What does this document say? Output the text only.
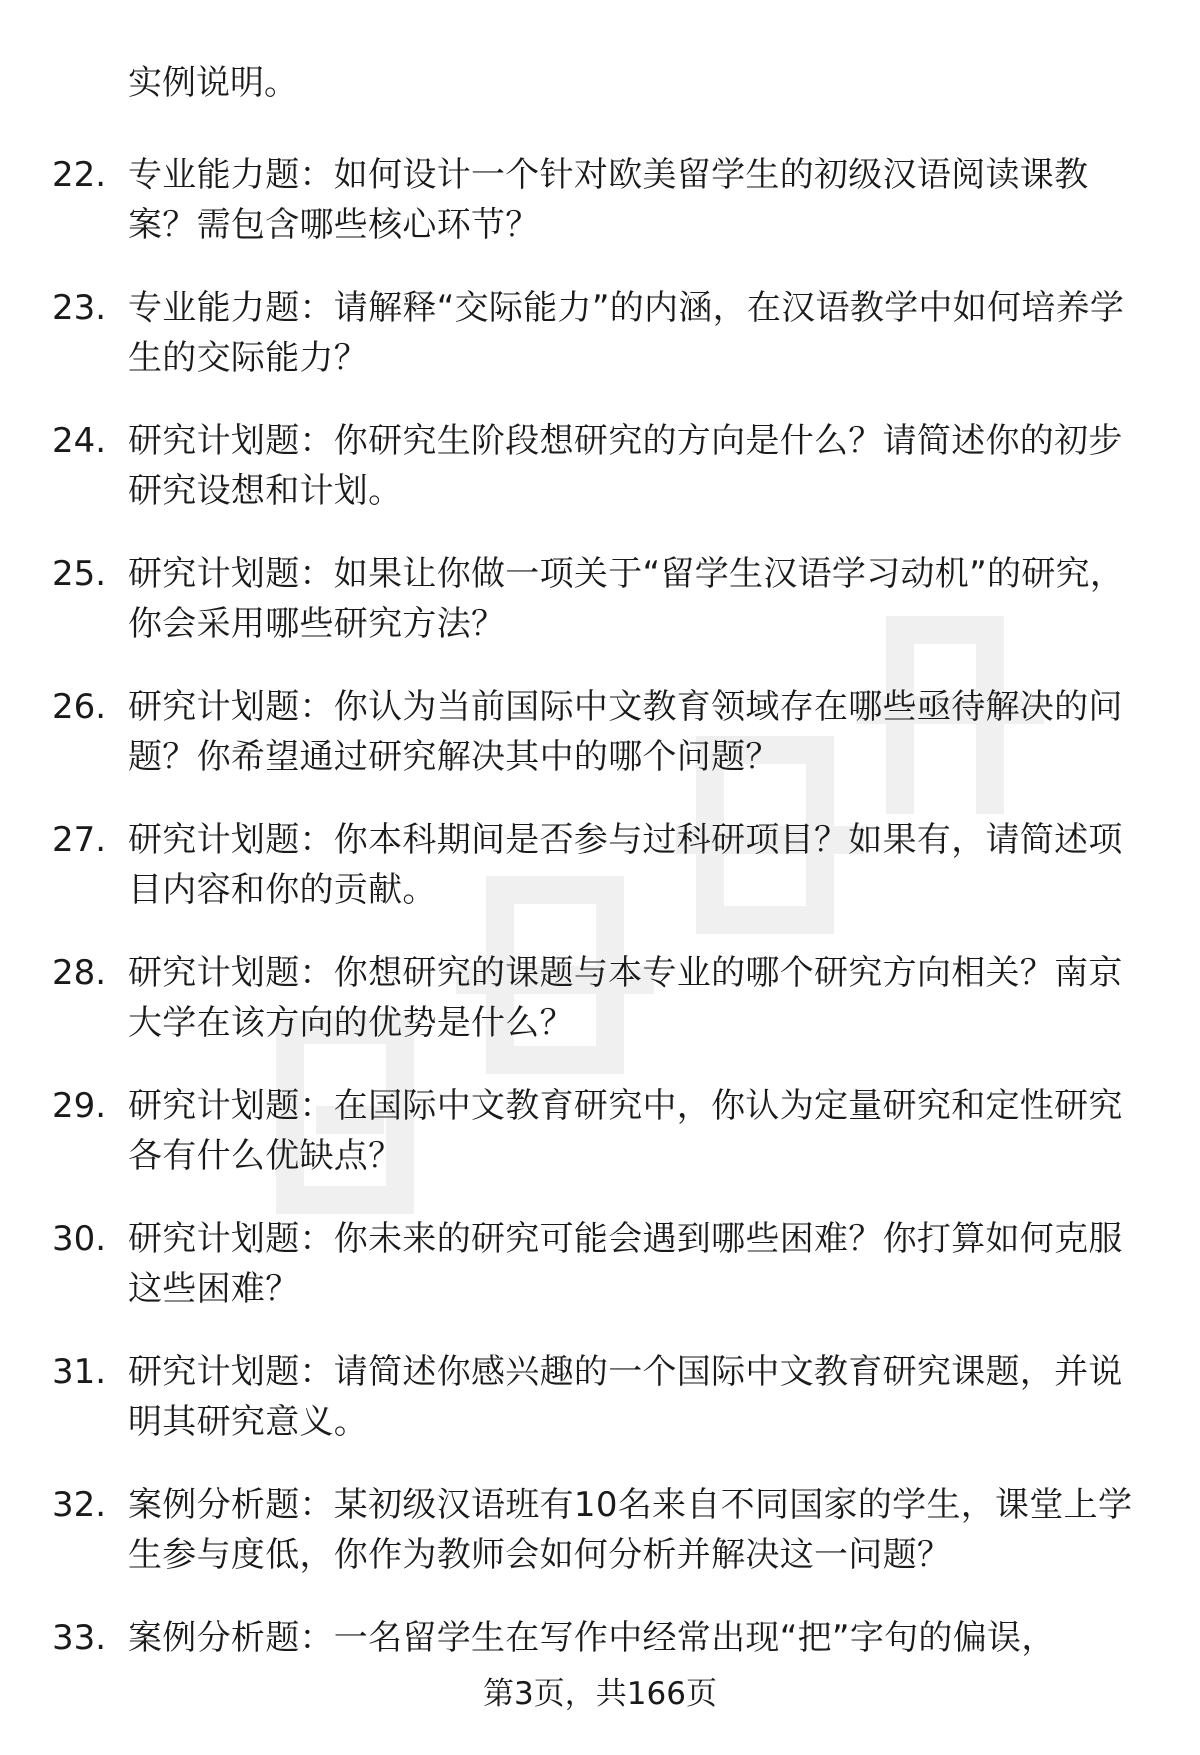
实例说明。
22. 专业能力题：如何设计一个针对欧美留学生的初级汉语阅读课教案？需包含哪些核心环节？
23. 专业能力题：请解释“交际能力”的内涵，在汉语教学中如何培养学生的交际能力？
24. 研究计划题：你研究生阶段想研究的方向是什么？请简述你的初步研究设想和计划。
25. 研究计划题：如果让你做一项关于“留学生汉语学习动机”的研究，你会采用哪些研究方法？
26. 研究计划题：你认为当前国际中文教育领域存在哪些亟待解决的问题？你希望通过研究解决其中的哪个问题？
27. 研究计划题：你本科期间是否参与过科研项目？如果有，请简述项目内容和你的贡献。
28. 研究计划题：你想研究的课题与本专业的哪个研究方向相关？南京大学在该方向的优势是什么？
29. 研究计划题：在国际中文教育研究中，你认为定量研究和定性研究各有什么优缺点？
30. 研究计划题：你未来的研究可能会遇到哪些困难？你打算如何克服这些困难？
31. 研究计划题：请简述你感兴趣的一个国际中文教育研究课题，并说明其研究意义。
32. 案例分析题：某初级汉语班有10名来自不同国家的学生，课堂上学生参与度低，你作为教师会如何分析并解决这一问题？
33. 案例分析题：一名留学生在写作中经常出现“把”字句的偏误，
第3页，共166页
